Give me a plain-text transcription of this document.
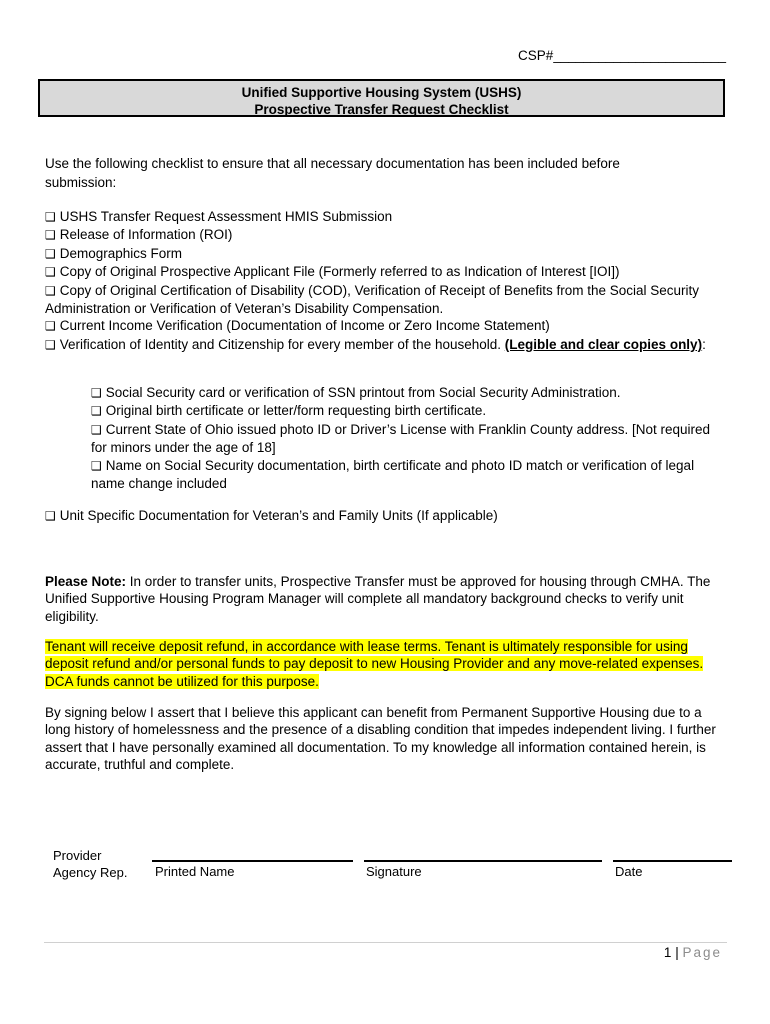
CSP#_______________________
Unified Supportive Housing System (USHS)
Prospective Transfer Request Checklist
Use the following checklist to ensure that all necessary documentation has been included before submission:
❑ USHS Transfer Request Assessment HMIS Submission
❑ Release of Information (ROI)
❑ Demographics Form
❑ Copy of Original Prospective Applicant File (Formerly referred to as Indication of Interest [IOI])
❑ Copy of Original Certification of Disability (COD), Verification of Receipt of Benefits from the Social Security Administration or Verification of Veteran’s Disability Compensation.
❑ Current Income Verification (Documentation of Income or Zero Income Statement)
❑ Verification of Identity and Citizenship for every member of the household. (Legible and clear copies only):
❑ Social Security card or verification of SSN printout from Social Security Administration.
❑ Original birth certificate or letter/form requesting birth certificate.
❑ Current State of Ohio issued photo ID or Driver’s License with Franklin County address. [Not required for minors under the age of 18]
❑ Name on Social Security documentation, birth certificate and photo ID match or verification of legal name change included
❑ Unit Specific Documentation for Veteran’s and Family Units (If applicable)
Please Note: In order to transfer units, Prospective Transfer must be approved for housing through CMHA. The Unified Supportive Housing Program Manager will complete all mandatory background checks to verify unit eligibility.
Tenant will receive deposit refund, in accordance with lease terms. Tenant is ultimately responsible for using deposit refund and/or personal funds to pay deposit to new Housing Provider and any move-related expenses. DCA funds cannot be utilized for this purpose.
By signing below I assert that I believe this applicant can benefit from Permanent Supportive Housing due to a long history of homelessness and the presence of a disabling condition that impedes independent living. I further assert that I have personally examined all documentation. To my knowledge all information contained herein, is accurate, truthful and complete.
Provider
Agency Rep. Printed Name	Signature	Date
1 | Page
